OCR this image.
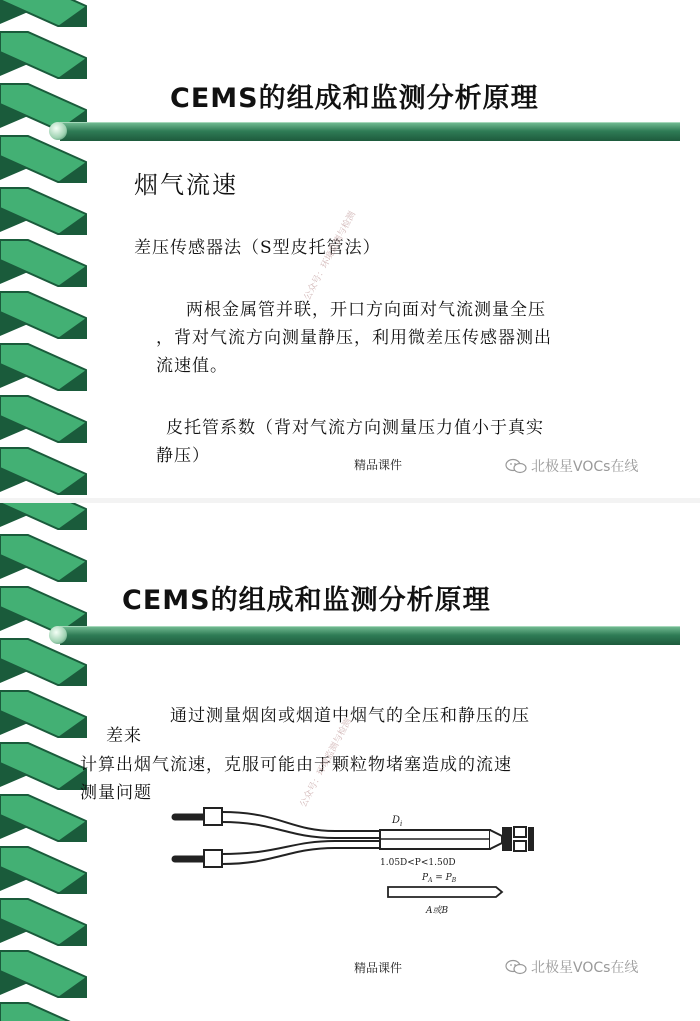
CEMS的组成和监测分析原理
烟气流速
差压传感器法（S型皮托管法）
两根金属管并联，开口方向面对气流测量全压
，背对气流方向测量静压，利用微差压传感器测出
流速值。
皮托管系数（背对气流方向测量压力值小于真实
静压）	精品课件	北极星VOCs在线
公众号：环境监测与检测
CEMS的组成和监测分析原理
通过测量烟囱或烟道中烟气的全压和静压的压
差来
计算出烟气流速，克服可能由于颗粒物堵塞造成的流速
测量问题
$D_i$
1.05D<P<1.50D
$P_A = P_B$
A或B
精品课件	北极星VOCs在线
公众号：环境监测与检测
